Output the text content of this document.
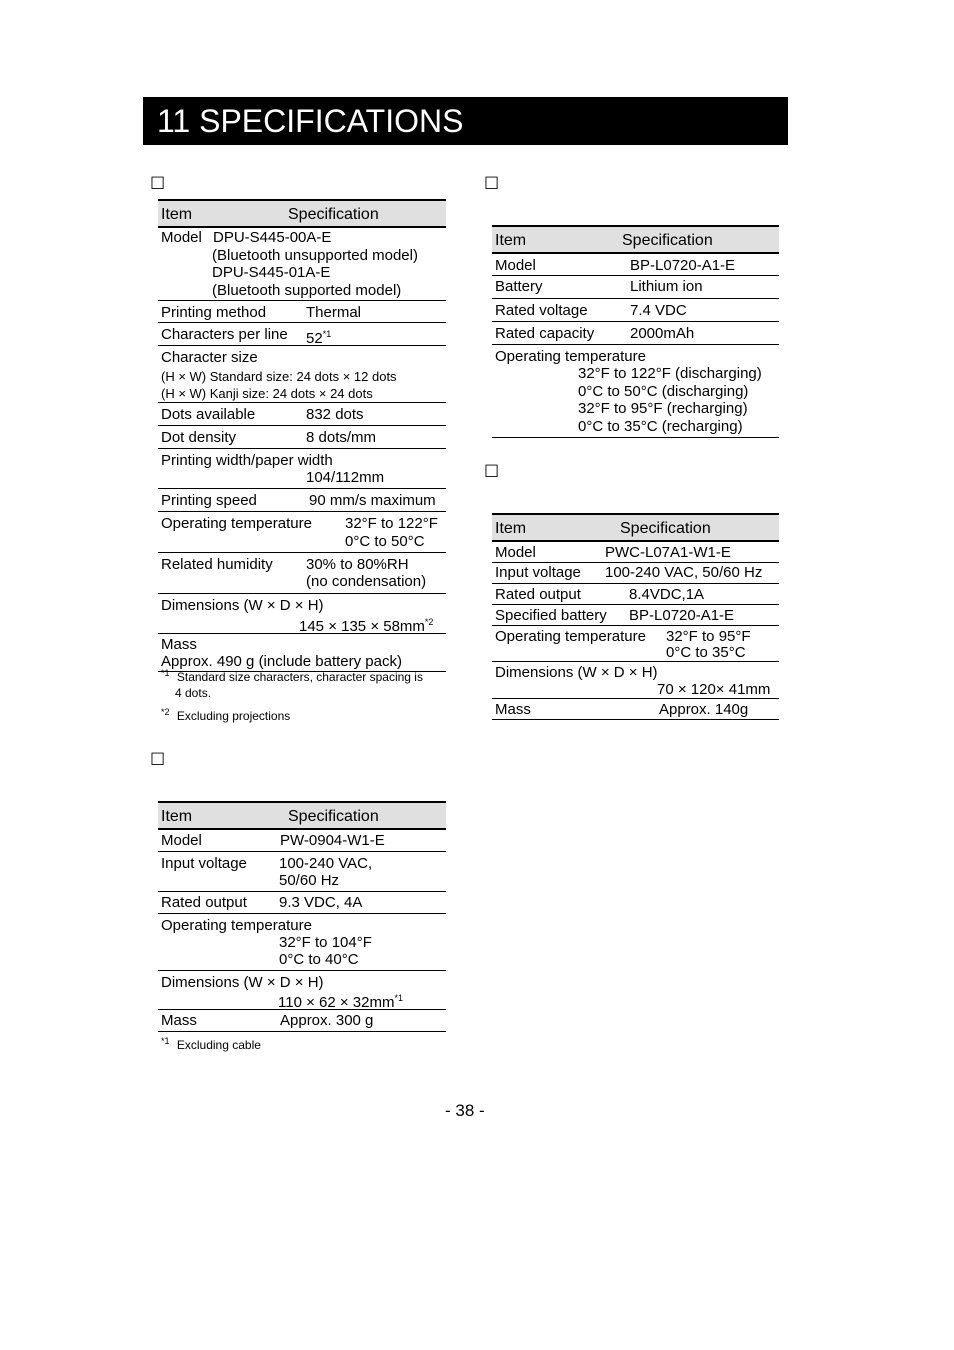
11 SPECIFICATIONS
☐	☐
☐
☐
Item	Specification
Model DPU-S445-00A-E
(Bluetooth unsupported model)
DPU-S445-01A-E
(Bluetooth supported model)
Printing method	Thermal
Characters per line 52$^{*1}$
Character size
(H × W) Standard size: 24 dots × 12 dots
(H × W) Kanji size: 24 dots × 24 dots
Dots available	832 dots
Dot density	8 dots/mm
Printing width/paper width
104/112mm
Printing speed	90 mm/s maximum
Operating temperature 32°F to 122°F
0°C to 50°C
Related humidity 30% to 80%RH
(no condensation)
Dimensions (W × D × H)
$145 \times 135 \times 58mm^{*2}$
Mass
Approx. 490 g (include battery pack)
$^{*1}$ Standard size characters, character spacing is
4 dots.
$^{*2}$ Excluding projections
Item	Specification
Model	BP-L0720-A1-E
Battery	Lithium ion
Rated voltage	7.4 VDC
Rated capacity 2000mAh
Operating temperature
32°F to 122°F (discharging)
0°C to 50°C (discharging)
32°F to 95°F (recharging)
0°C to 35°C (recharging)
Item	Specification
Model	PWC-L07A1-W1-E
Input voltage 100-240 VAC, 50/60 Hz
Rated output	8.4VDC,1A
Specified battery BP-L0720-A1-E
Operating temperature 32°F to 95°F
0°C to 35°C
Dimensions (W × D × H)
70 × 120× 41mm
Mass	Approx. 140g
Item	Specification
Model	PW-0904-W1-E
Input voltage 100-240 VAC,
50/60 Hz
Rated output 9.3 VDC, 4A
Operating temperature
32°F to 104°F
0°C to 40°C
Dimensions (W × D × H)
$110 \times 62 \times 32mm^{*1}$
Mass	Approx. 300 g
$^{*1}$ Excluding cable
- 38 -
